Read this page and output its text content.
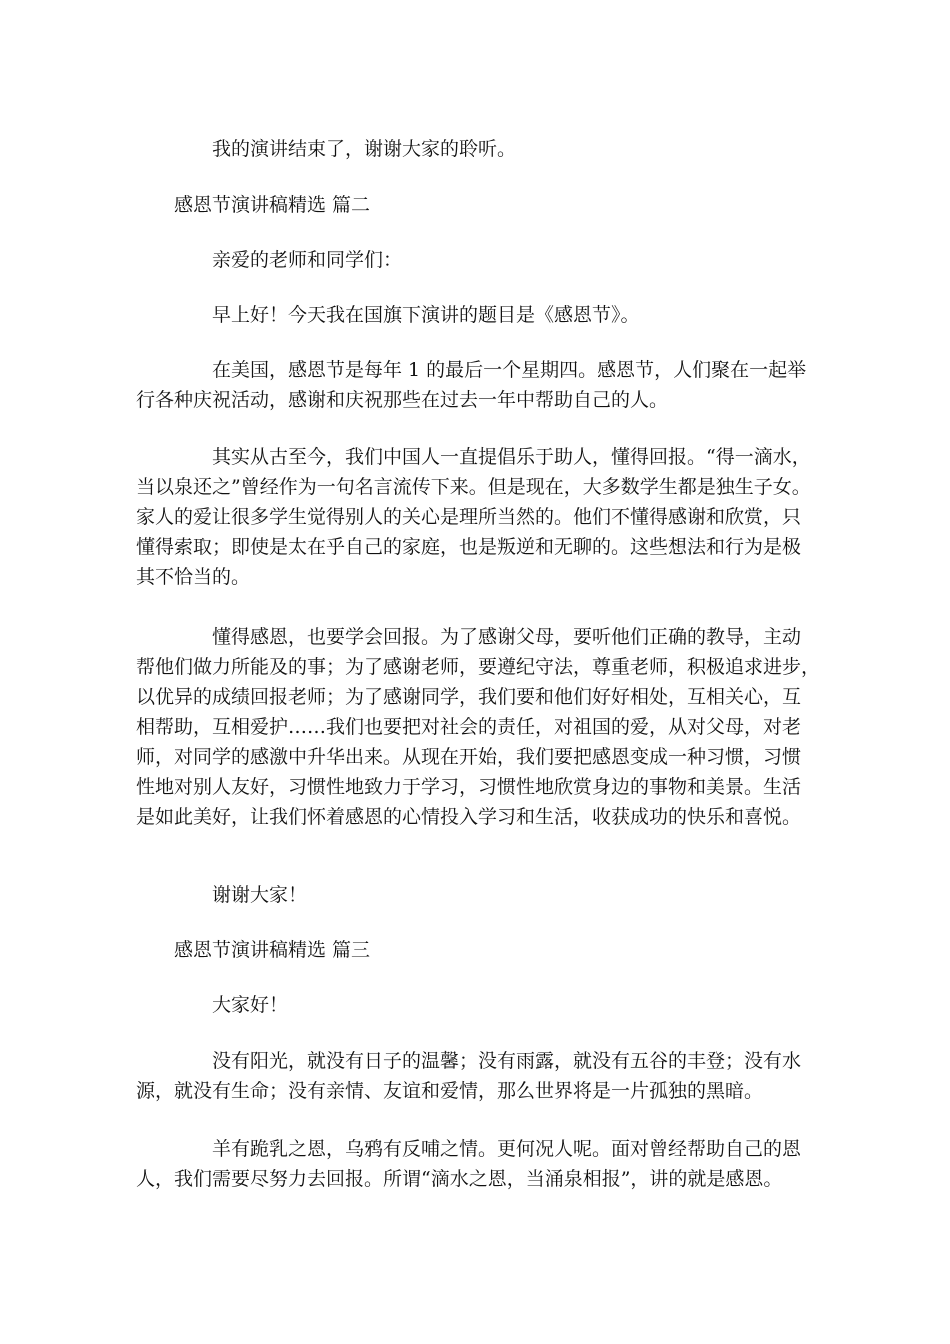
我的演讲结束了，谢谢大家的聆听。

感恩节演讲稿精选 篇二

亲爱的老师和同学们：

早上好！今天我在国旗下演讲的题目是《感恩节》。

在美国，感恩节是每年 1 的最后一个星期四。感恩节，人们聚在一起举
行各种庆祝活动，感谢和庆祝那些在过去一年中帮助自己的人。

其实从古至今，我们中国人一直提倡乐于助人，懂得回报。“得一滴水，
当以泉还之”曾经作为一句名言流传下来。但是现在，大多数学生都是独生子女。
家人的爱让很多学生觉得别人的关心是理所当然的。他们不懂得感谢和欣赏，只
懂得索取；即使是太在乎自己的家庭，也是叛逆和无聊的。这些想法和行为是极
其不恰当的。

懂得感恩，也要学会回报。为了感谢父母，要听他们正确的教导，主动
帮他们做力所能及的事；为了感谢老师，要遵纪守法，尊重老师，积极追求进步，
以优异的成绩回报老师；为了感谢同学，我们要和他们好好相处，互相关心，互
相帮助，互相爱护……我们也要把对社会的责任，对祖国的爱，从对父母，对老
师，对同学的感激中升华出来。从现在开始，我们要把感恩变成一种习惯，习惯
性地对别人友好，习惯性地致力于学习，习惯性地欣赏身边的事物和美景。生活
是如此美好，让我们怀着感恩的心情投入学习和生活，收获成功的快乐和喜悦。

谢谢大家！

感恩节演讲稿精选 篇三

大家好！

没有阳光，就没有日子的温馨；没有雨露，就没有五谷的丰登；没有水
源，就没有生命；没有亲情、友谊和爱情，那么世界将是一片孤独的黑暗。

羊有跪乳之恩，乌鸦有反哺之情。更何况人呢。面对曾经帮助自己的恩
人，我们需要尽努力去回报。所谓“滴水之恩，当涌泉相报”，讲的就是感恩。
